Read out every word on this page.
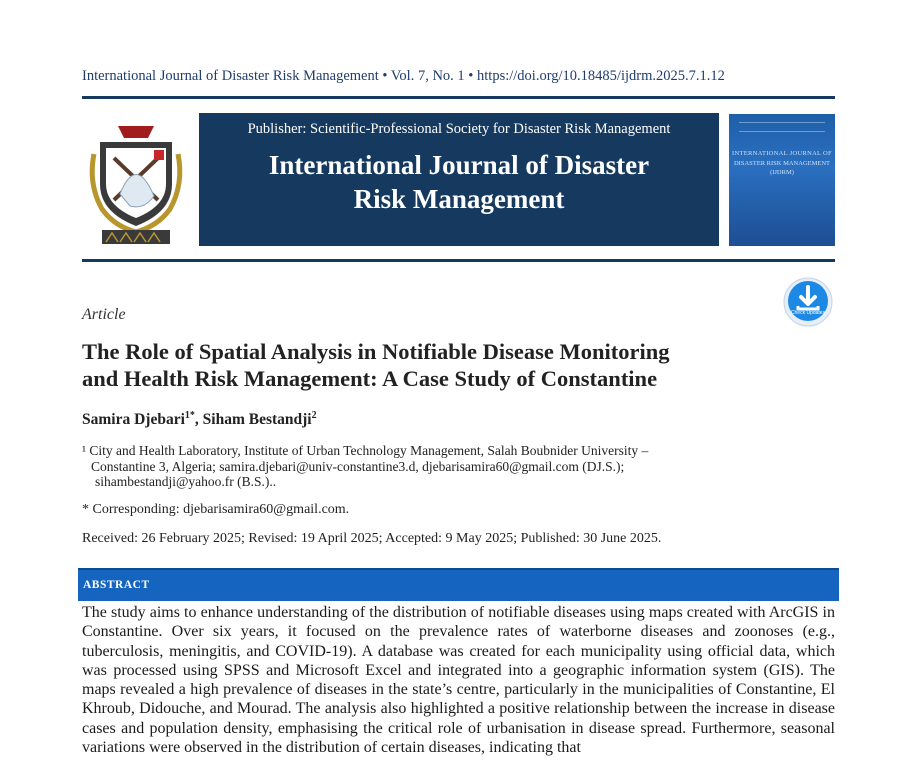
International Journal of Disaster Risk Management • Vol. 7, No. 1 • https://doi.org/10.18485/ijdrm.2025.7.1.12
SPS-DRM
Publisher: Scientific-Professional Society for Disaster Risk Management
International Journal of Disaster
Risk Management
INTERNATIONAL JOURNAL OF
DISASTER RISK MANAGEMENT
(IJDRM)
Check Updates
Article
The Role of Spatial Analysis in Notifiable Disease Monitoring
and Health Risk Management: A Case Study of Constantine
Samira Djebari$^{1*}$, Siham Bestandji$^2$
¹ City and Health Laboratory, Institute of Urban Technology Management, Salah Boubnider University –
Constantine 3, Algeria; samira.djebari@univ-constantine3.d, djebarisamira60@gmail.com (DJ.S.);
sihambestandji@yahoo.fr (B.S.)..
* Corresponding: djebarisamira60@gmail.com.
Received: 26 February 2025; Revised: 19 April 2025; Accepted: 9 May 2025; Published: 30 June 2025.
ABSTRACT
The study aims to enhance understanding of the distribution of notifiable diseases using maps created with ArcGIS in Constantine. Over six years, it focused on the prevalence rates of waterborne diseases and zoonoses (e.g., tuberculosis, meningitis, and COVID-19). A database was created for each municipality using official data, which was processed using SPSS and Microsoft Excel and integrated into a geographic information system (GIS). The maps revealed a high prevalence of diseases in the state’s centre, particularly in the municipalities of Constantine, El Khroub, Didouche, and Mourad. The analysis also highlighted a positive relationship between the increase in disease cases and population density, emphasising the critical role of urbanisation in disease spread. Furthermore, seasonal variations were observed in the distribution of certain diseases, indicating that
